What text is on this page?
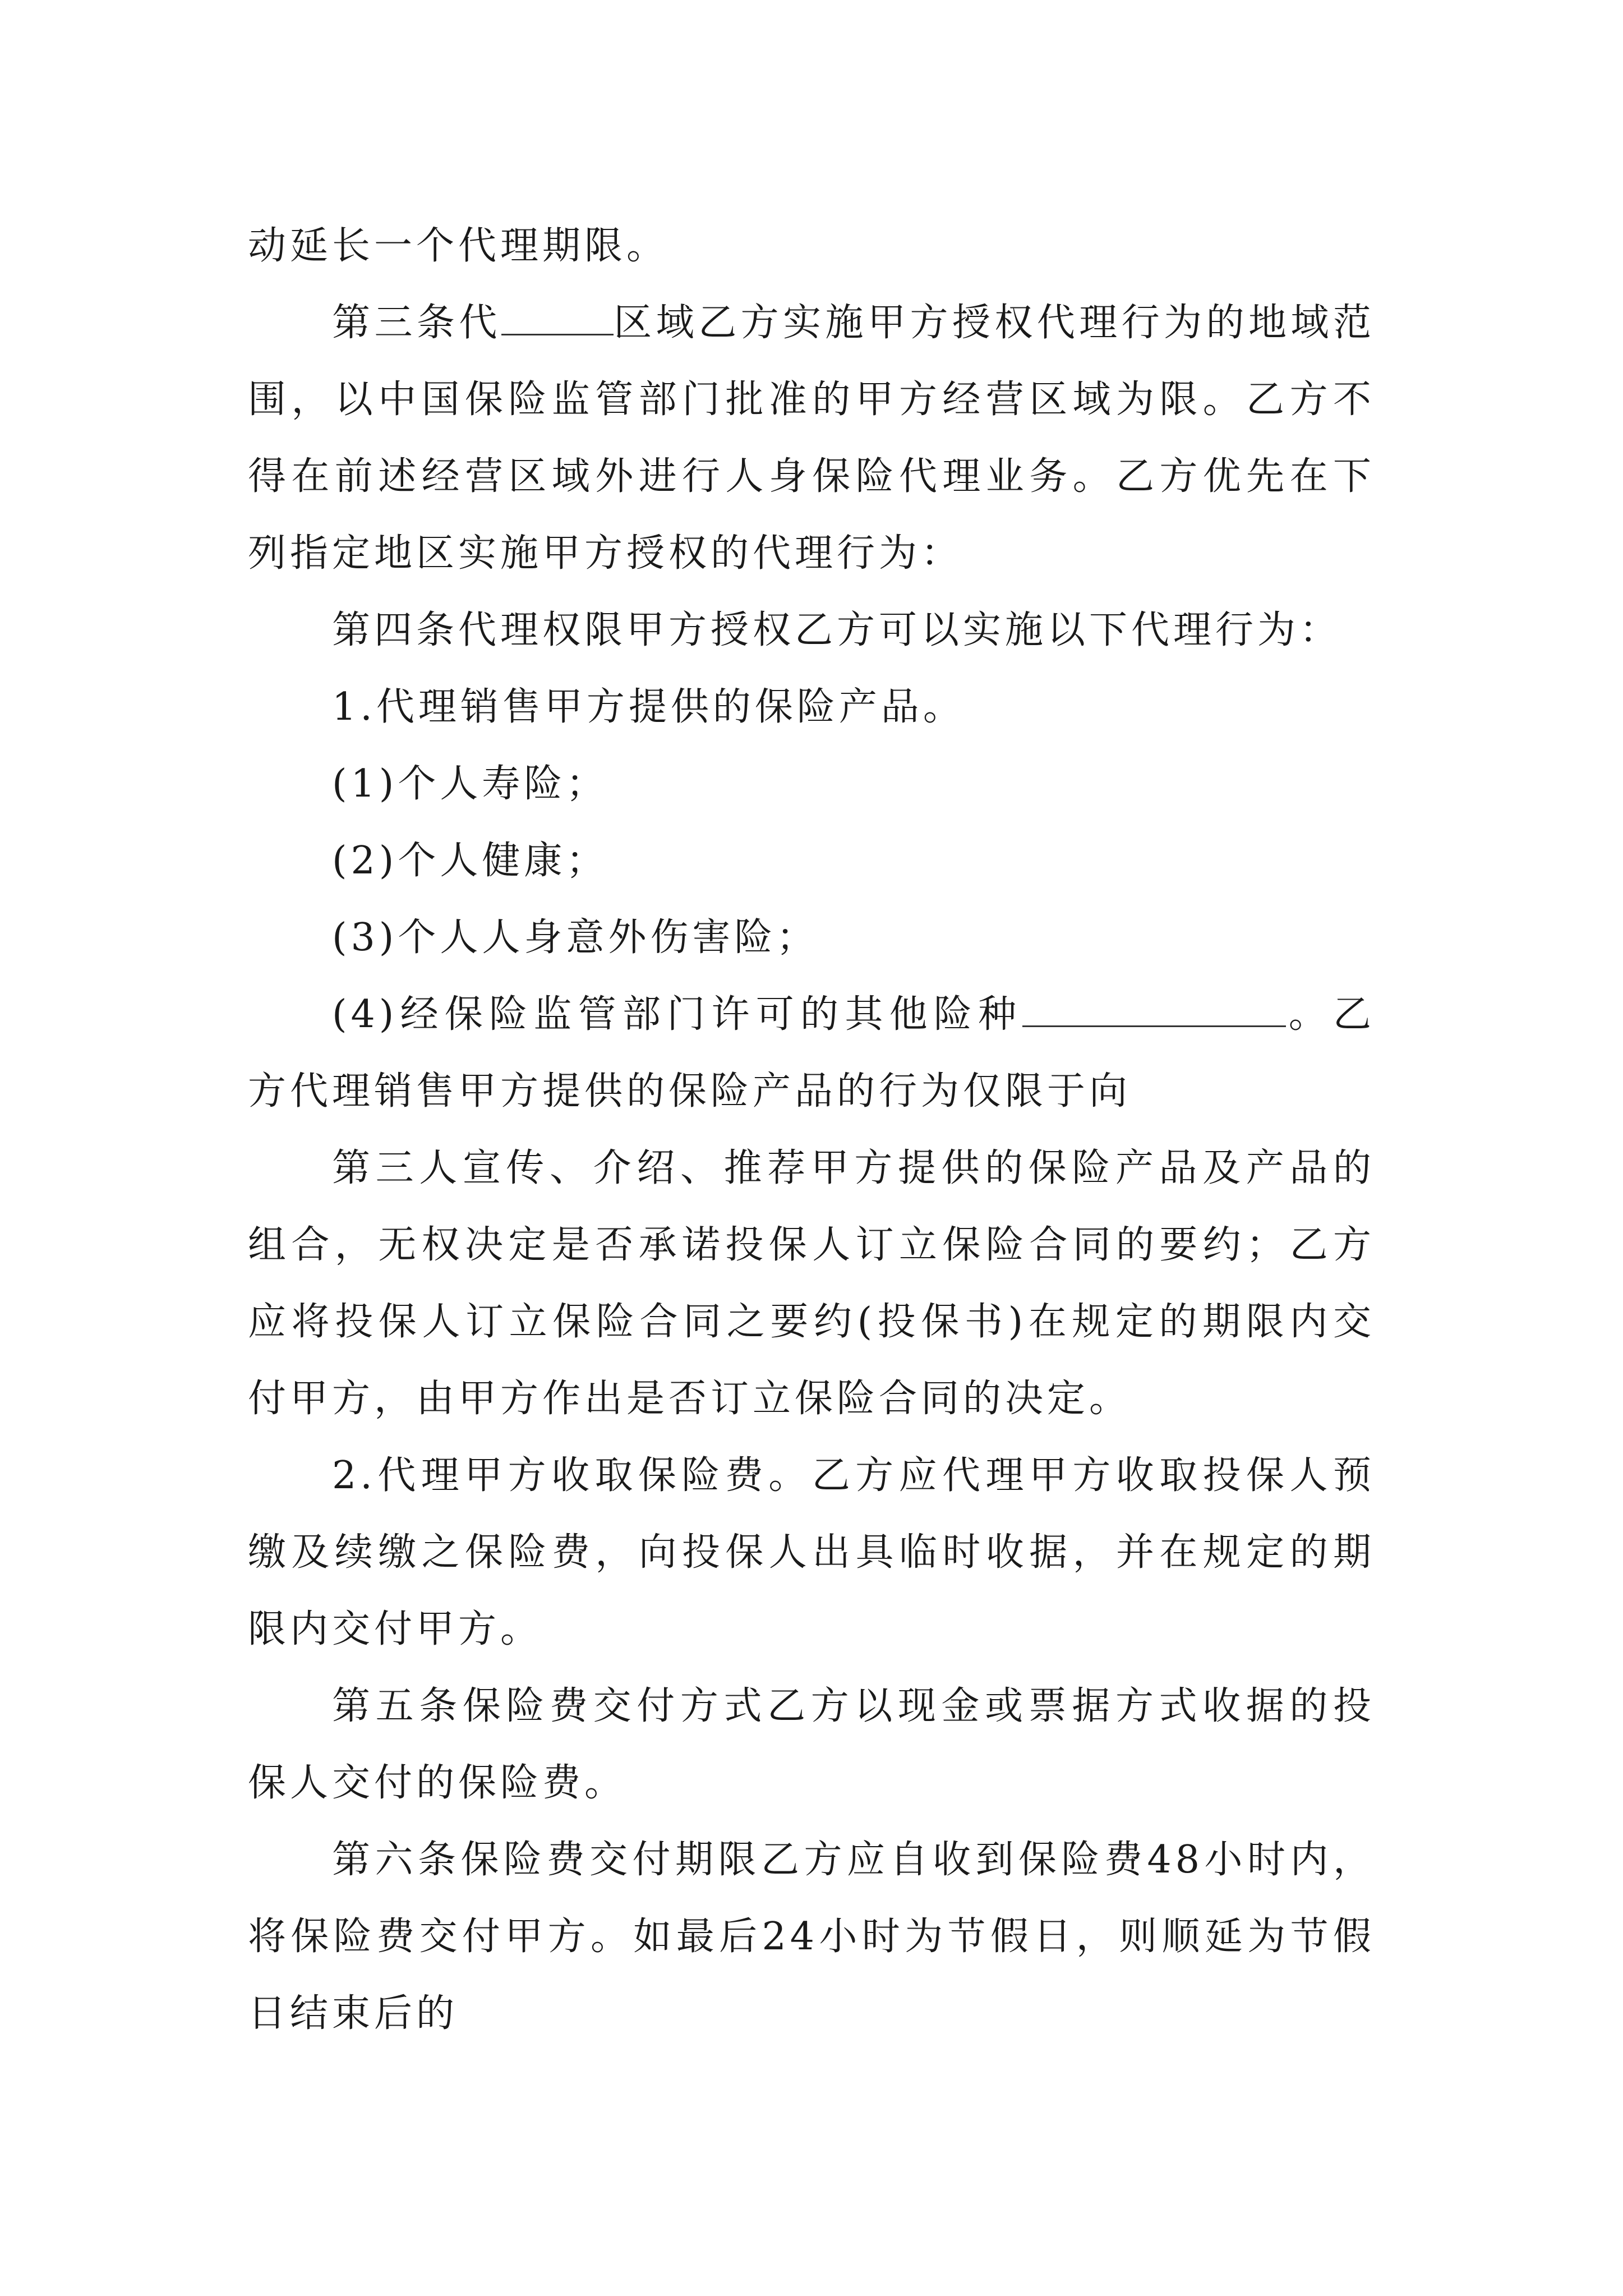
动延长一个代理期限。

第三条代	区域乙方实施甲方授权代理行为的地域范围，以中国保险监管部门批准的甲方经营区域为限。乙方不得在前述经营区域外进行人身保险代理业务。乙方优先在下列指定地区实施甲方授权的代理行为：

第四条代理权限甲方授权乙方可以实施以下代理行为：

1.代理销售甲方提供的保险产品。

(1)个人寿险；

(2)个人健康；

(3)个人人身意外伤害险；

(4)经保险监管部门许可的其他险种	。乙方代理销售甲方提供的保险产品的行为仅限于向

第三人宣传、介绍、推荐甲方提供的保险产品及产品的组合，无权决定是否承诺投保人订立保险合同的要约；乙方应将投保人订立保险合同之要约(投保书)在规定的期限内交付甲方，由甲方作出是否订立保险合同的决定。

2.代理甲方收取保险费。乙方应代理甲方收取投保人预缴及续缴之保险费，向投保人出具临时收据，并在规定的期限内交付甲方。

第五条保险费交付方式乙方以现金或票据方式收据的投保人交付的保险费。

第六条保险费交付期限乙方应自收到保险费48小时内，将保险费交付甲方。如最后24小时为节假日，则顺延为节假日结束后的
